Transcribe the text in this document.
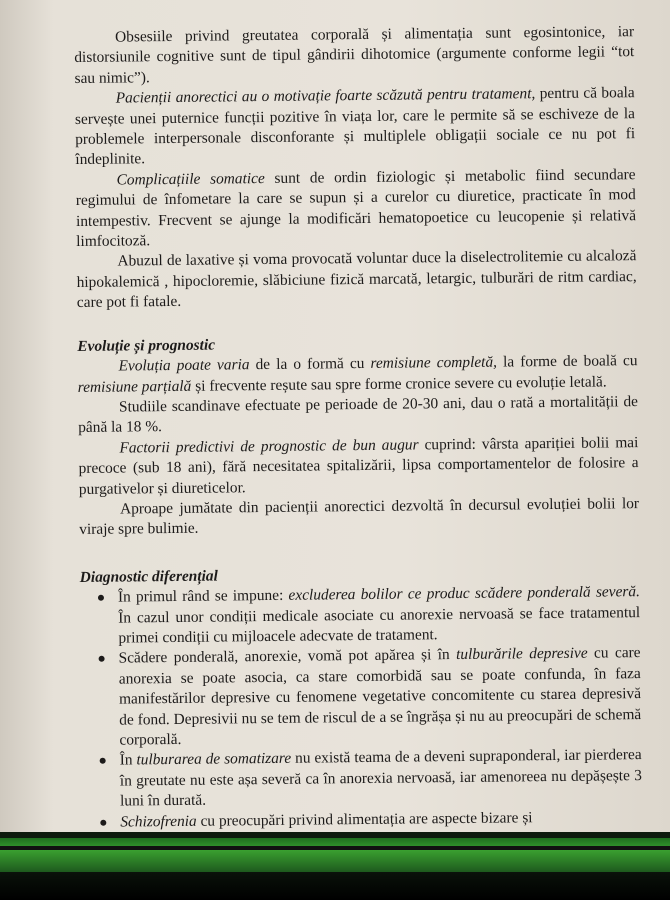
Obsesiile privind greutatea corporală și alimentația sunt egosintonice, iar distorsiunile cognitive sunt de tipul gândirii dihotomice (argumente conforme legii “tot sau nimic”).

Pacienții anorectici au o motivație foarte scăzută pentru tratament, pentru că boala servește unei puternice funcții pozitive în viața lor, care le permite să se eschiveze de la problemele interpersonale disconforante și multiplele obligații sociale ce nu pot fi îndeplinite.

Complicațiile somatice sunt de ordin fiziologic și metabolic fiind secundare regimului de înfometare la care se supun și a curelor cu diuretice, practicate în mod intempestiv. Frecvent se ajunge la modificări hematopoetice cu leucopenie și relativă limfocitoză.

Abuzul de laxative și voma provocată voluntar duce la diselectrolitemie cu alcaloză hipokalemică , hipocloremie, slăbiciune fizică marcată, letargic, tulburări de ritm cardiac, care pot fi fatale.

Evoluție și prognostic

Evoluția poate varia de la o formă cu remisiune completă, la forme de boală cu remisiune parțială și frecvente reșute sau spre forme cronice severe cu evoluție letală.

Studiile scandinave efectuate pe perioade de 20-30 ani, dau o rată a mortalității de până la 18 %.

Factorii predictivi de prognostic de bun augur cuprind: vârsta apariției bolii mai precoce (sub 18 ani), fără necesitatea spitalizării, lipsa comportamentelor de folosire a purgativelor și diureticelor.

Aproape jumătate din pacienții anorectici dezvoltă în decursul evoluției bolii lor viraje spre bulimie.

Diagnostic diferențial

În primul rând se impune: excluderea bolilor ce produc scădere ponderală severă. În cazul unor condiții medicale asociate cu anorexie nervoasă se face tratamentul primei condiții cu mijloacele adecvate de tratament.
Scădere ponderală, anorexie, vomă pot apărea și în tulburările depresive cu care anorexia se poate asocia, ca stare comorbidă sau se poate confunda, în faza manifestărilor depresive cu fenomene vegetative concomitente cu starea depresivă de fond. Depresivii nu se tem de riscul de a se îngrășa și nu au preocupări de schemă corporală.
În tulburarea de somatizare nu există teama de a deveni supraponderal, iar pierderea în greutate nu este așa severă ca în anorexia nervoasă, iar amenoreea nu depășește 3 luni în durată.
Schizofrenia cu preocupări privind alimentația are aspecte bizare și
